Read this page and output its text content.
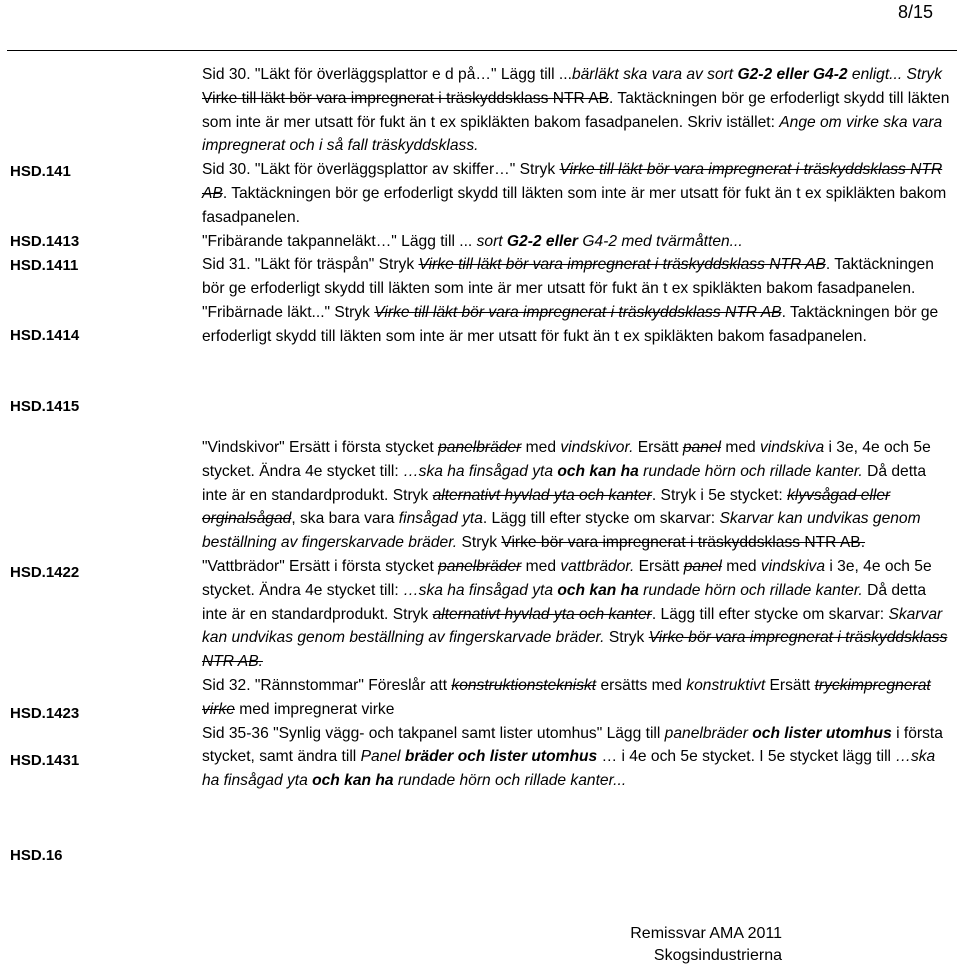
8/15
HSD.141
HSD.1413
HSD.1411
HSD.1414
HSD.1415
HSD.1422
HSD.1423
HSD.1431
HSD.16

Sid 30. "Läkt för överläggsplattor e d på…" Lägg till ...bärläkt ska vara av sort G2-2 eller G4-2 enligt... Stryk Virke till läkt bör vara impregnerat i träskyddsklass NTR AB. Taktäckningen bör ge erfoderligt skydd till läkten som inte är mer utsatt för fukt än t ex spikläkten bakom fasadpanelen. Skriv istället: Ange om virke ska vara impregnerat och i så fall träskyddsklass.

Sid 30. "Läkt för överläggsplattor av skiffer…" Stryk Virke till läkt bör vara impregnerat i träskyddsklass NTR AB. Taktäckningen bör ge erfoderligt skydd till läkten som inte är mer utsatt för fukt än t ex spikläkten bakom fasadpanelen.

"Fribärande takpanneläkt…" Lägg till ... sort G2-2 eller G4-2 med tvärmåtten...

Sid 31. "Läkt för träspån" Stryk Virke till läkt bör vara impregnerat i träskyddsklass NTR AB. Taktäckningen bör ge erfoderligt skydd till läkten som inte är mer utsatt för fukt än t ex spikläkten bakom fasadpanelen.

"Fribärnade läkt..." Stryk Virke till läkt bör vara impregnerat i träskyddsklass NTR AB. Taktäckningen bör ge erfoderligt skydd till läkten som inte är mer utsatt för fukt än t ex spikläkten bakom fasadpanelen.

"Vindskivor" Ersätt i första stycket panelbräder med vindskivor. Ersätt panel med vindskiva i 3e, 4e och 5e stycket. Ändra 4e stycket till: …ska ha finsågad yta och kan ha rundade hörn och rillade kanter. Då detta inte är en standardprodukt. Stryk alternativt hyvlad yta och kanter. Stryk i 5e stycket: klyvsågad eller orginalsågad, ska bara vara finsågad yta. Lägg till efter stycke om skarvar: Skarvar kan undvikas genom beställning av fingerskarvade bräder. Stryk Virke bör vara impregnerat i träskyddsklass NTR AB.

"Vattbrädor" Ersätt i första stycket panelbräder med vattbrädor. Ersätt panel med vindskiva i 3e, 4e och 5e stycket. Ändra 4e stycket till: …ska ha finsågad yta och kan ha rundade hörn och rillade kanter. Då detta inte är en standardprodukt. Stryk alternativt hyvlad yta och kanter. Lägg till efter stycke om skarvar: Skarvar kan undvikas genom beställning av fingerskarvade bräder. Stryk Virke bör vara impregnerat i träskyddsklass NTR AB.

Sid 32. "Rännstommar" Föreslår att konstruktionstekniskt ersätts med konstruktivt Ersätt tryckimpregnerat virke med impregnerat virke

Sid 35-36 "Synlig vägg- och takpanel samt lister utomhus" Lägg till panelbräder och lister utomhus i första stycket, samt ändra till Panel bräder och lister utomhus … i 4e och 5e stycket. I 5e stycket lägg till …ska ha finsågad yta och kan ha rundade hörn och rillade kanter...

Remissvar AMA 2011
Skogsindustrierna
